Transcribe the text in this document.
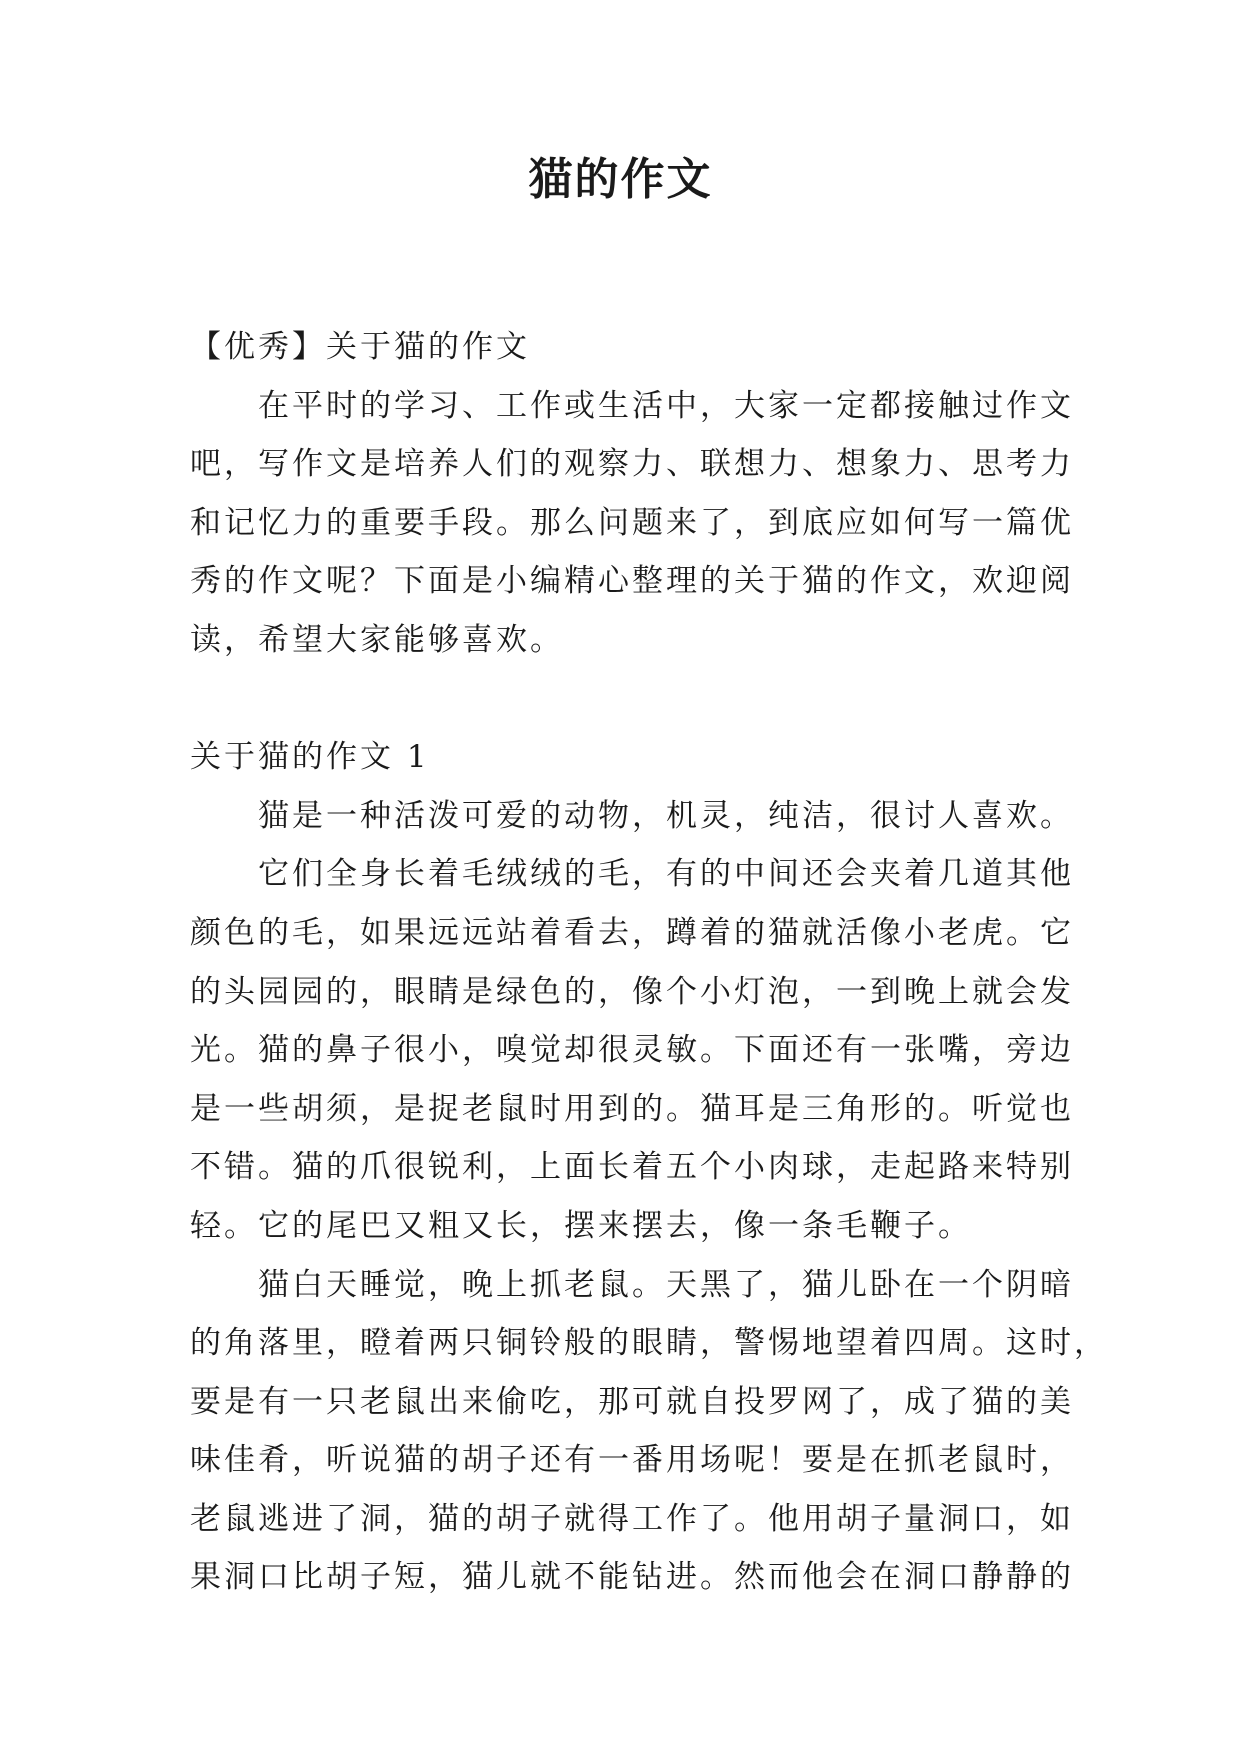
猫的作文
【优秀】关于猫的作文
在平时的学习、工作或生活中，大家一定都接触过作文
吧，写作文是培养人们的观察力、联想力、想象力、思考力
和记忆力的重要手段。那么问题来了，到底应如何写一篇优
秀的作文呢？下面是小编精心整理的关于猫的作文，欢迎阅
读，希望大家能够喜欢。
关于猫的作文 1
猫是一种活泼可爱的动物，机灵，纯洁，很讨人喜欢。
它们全身长着毛绒绒的毛，有的中间还会夹着几道其他
颜色的毛，如果远远站着看去，蹲着的猫就活像小老虎。它
的头园园的，眼睛是绿色的，像个小灯泡，一到晚上就会发
光。猫的鼻子很小，嗅觉却很灵敏。下面还有一张嘴，旁边
是一些胡须，是捉老鼠时用到的。猫耳是三角形的。听觉也
不错。猫的爪很锐利，上面长着五个小肉球，走起路来特别
轻。它的尾巴又粗又长，摆来摆去，像一条毛鞭子。
猫白天睡觉，晚上抓老鼠。天黑了，猫儿卧在一个阴暗
的角落里，瞪着两只铜铃般的眼睛，警惕地望着四周。这时，
要是有一只老鼠出来偷吃，那可就自投罗网了，成了猫的美
味佳肴，听说猫的胡子还有一番用场呢！要是在抓老鼠时，
老鼠逃进了洞，猫的胡子就得工作了。他用胡子量洞口，如
果洞口比胡子短，猫儿就不能钻进。然而他会在洞口静静的
